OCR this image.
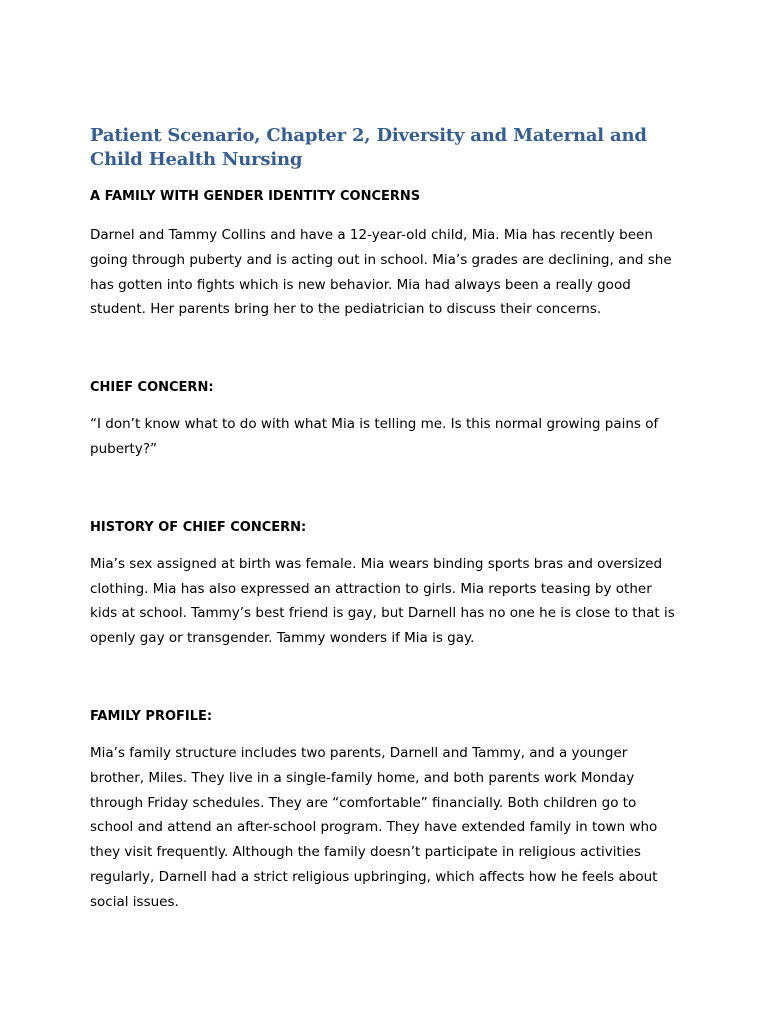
Patient Scenario, Chapter 2, Diversity and Maternal and Child Health Nursing
A FAMILY WITH GENDER IDENTITY CONCERNS

Darnel and Tammy Collins and have a 12-year-old child, Mia. Mia has recently been going through puberty and is acting out in school. Mia’s grades are declining, and she has gotten into fights which is new behavior. Mia had always been a really good student. Her parents bring her to the pediatrician to discuss their concerns.

CHIEF CONCERN:

“I don’t know what to do with what Mia is telling me. Is this normal growing pains of puberty?”

HISTORY OF CHIEF CONCERN:

Mia’s sex assigned at birth was female. Mia wears binding sports bras and oversized clothing. Mia has also expressed an attraction to girls. Mia reports teasing by other kids at school. Tammy’s best friend is gay, but Darnell has no one he is close to that is openly gay or transgender. Tammy wonders if Mia is gay.

FAMILY PROFILE:

Mia’s family structure includes two parents, Darnell and Tammy, and a younger brother, Miles. They live in a single-family home, and both parents work Monday through Friday schedules. They are “comfortable” financially. Both children go to school and attend an after-school program. They have extended family in town who they visit frequently. Although the family doesn’t participate in religious activities regularly, Darnell had a strict religious upbringing, which affects how he feels about social issues.
